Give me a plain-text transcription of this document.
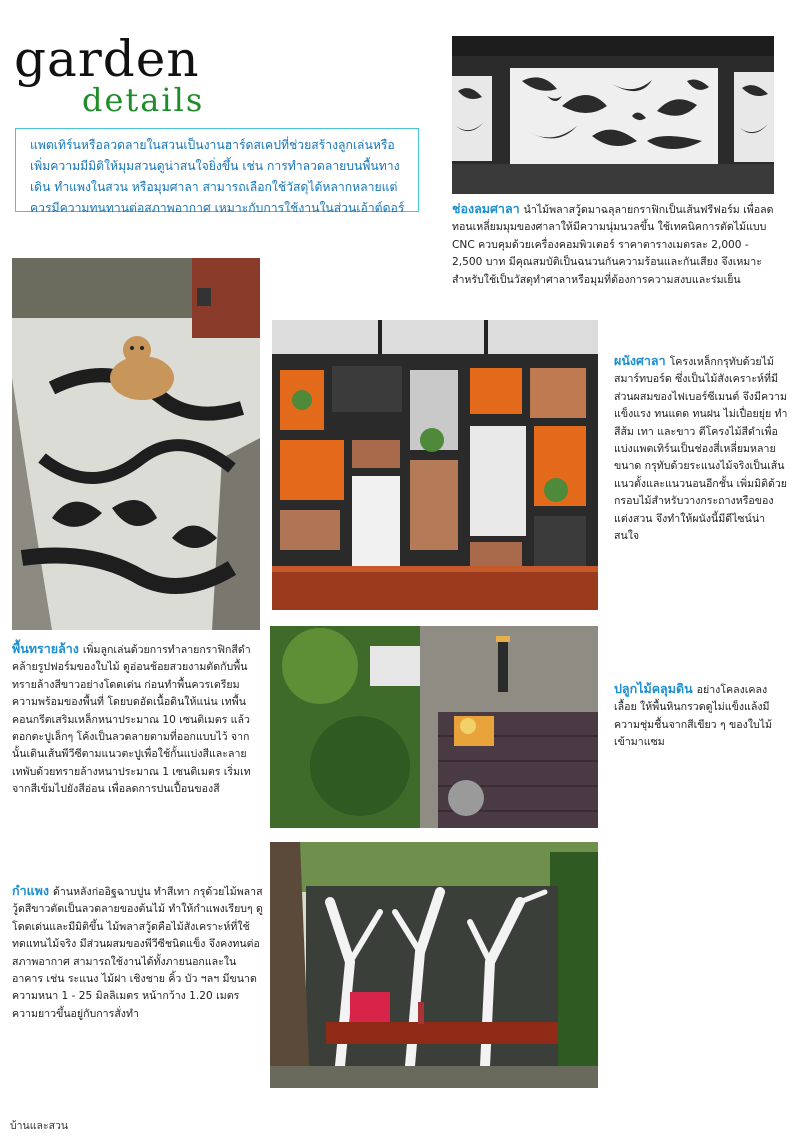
garden
details
แพตเทิร์นหรือลวดลายในสวนเป็นงานฮาร์ดสเคปที่ช่วยสร้างลูกเล่นหรือเพิ่มความมีมิติให้มุมสวนดูน่าสนใจยิ่งขึ้น เช่น การทำลวดลายบนพื้นทางเดิน ทำแพงในสวน หรือมุมศาลา สามารถเลือกใช้วัสดุได้หลากหลายแต่ควรมีความทนทานต่อสภาพอากาศ เหมาะกับการใช้งานในส่วนเอ้าต์ดอร์	ช่องลมศาลา นำไม้พลาสวู้ดมาฉลุลายกราฟิกเป็นเส้นฟรีฟอร์ม เพื่อลดทอนเหลี่ยมมุมของศาลาให้มีความนุ่มนวลขึ้น ใช้เทคนิคการตัดไม้แบบ CNC ควบคุมด้วยเครื่องคอมพิวเตอร์ ราคาตารางเมตรละ 2,000 - 2,500 บาท มีคุณสมบัติเป็นฉนวนกันความร้อนและกันเสียง จึงเหมาะสำหรับใช้เป็นวัสดุทำศาลาหรือมุมที่ต้องการความสงบและร่มเย็น
ผนังศาลา โครงเหล็กกรุทับด้วยไม้สมาร์ทบอร์ด ซึ่งเป็นไม้สังเคราะห์ที่มีส่วนผสมของไฟเบอร์ซีเมนต์ จึงมีความแข็งแรง ทนแดด ทนฝน ไม่เปื่อยยุ่ย ทำสีส้ม เทา และขาว ตีโครงไม้สีดำเพื่อแบ่งแพตเทิร์นเป็นช่องสี่เหลี่ยมหลายขนาด กรุทับด้วยระแนงไม้จริงเป็นเส้นแนวตั้งและแนวนอนอีกชั้น เพิ่มมิติด้วยกรอบไม้สำหรับวางกระถางหรือของแต่งสวน จึงทำให้ผนังนี้มีดีไซน์น่าสนใจ
พื้นทรายล้าง เพิ่มลูกเล่นด้วยการทำลายกราฟิกสีดำคล้ายรูปฟอร์มของใบไม้ ดูอ่อนช้อยสวยงามตัดกับพื้นทรายล้างสีขาวอย่างโดดเด่น ก่อนทำพื้นควรเตรียมความพร้อมของพื้นที่ โดยบดอัดเนื้อดินให้แน่น เทพื้นคอนกรีตเสริมเหล็กหนาประมาณ 10 เซนติเมตร แล้วตอกตะปูเล็กๆ โค้งเป็นลวดลายตามที่ออกแบบไว้ จากนั้นเดินเส้นพีวีซีตามแนวตะปูเพื่อใช้กั้นแบ่งสีและลาย เทพับด้วยทรายล้างหนาประมาณ 1 เซนติเมตร เริ่มเทจากสีเข้มไปยังสีอ่อน เพื่อลดการปนเปื้อนของสี
ปลูกไม้คลุมดิน อย่างโคลงเคลงเลื้อย ให้พื้นหินกรวดดูไม่แข็งแล้งมีความชุ่มชื้นจากสีเขียว ๆ ของใบไม้เข้ามาแซม
กำแพง ด้านหลังก่ออิฐฉาบปูน ทำสีเทา กรุด้วยไม้พลาสวู้ดสีขาวตัดเป็นลวดลายของต้นไม้ ทำให้กำแพงเรียบๆ ดูโดดเด่นและมีมิติขึ้น ไม้พลาสวู้ดคือไม้สังเคราะห์ที่ใช้ทดแทนไม้จริง มีส่วนผสมของพีวีซีชนิดแข็ง จึงคงทนต่อสภาพอากาศ สามารถใช้งานได้ทั้งภายนอกและในอาคาร เช่น ระแนง ไม้ฝา เชิงชาย คิ้ว บัว ฯลฯ มีขนาดความหนา 1 - 25 มิลลิเมตร หน้ากว้าง 1.20 เมตร ความยาวขึ้นอยู่กับการสั่งทำ
บ้านและสวน
